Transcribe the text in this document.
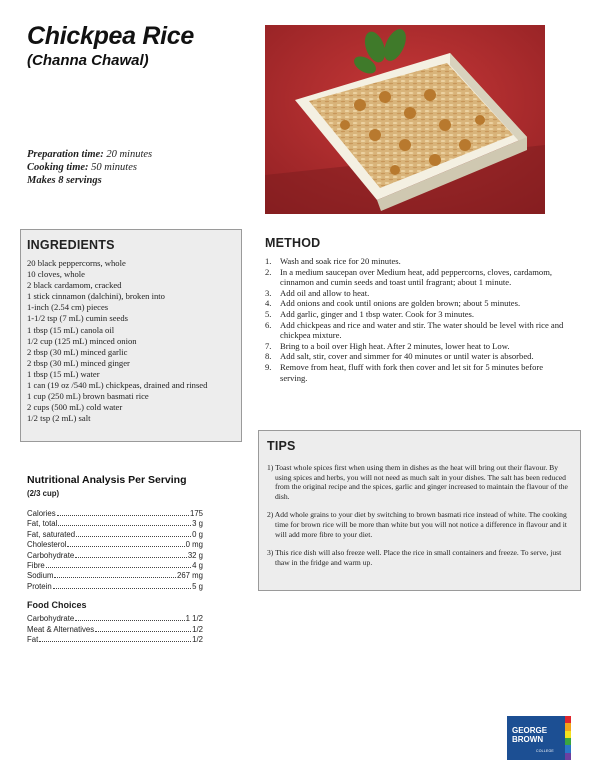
Chickpea Rice
(Channa Chawal)
Preparation time: 20 minutes
Cooking time: 50 minutes
Makes 8 servings
INGREDIENTS
20 black peppercorns, whole
10 cloves, whole
2 black cardamom, cracked
1 stick cinnamon (dalchini), broken into
1-inch (2.54 cm) pieces
1-1/2 tsp (7 mL) cumin seeds
1 tbsp (15 mL) canola oil
1/2 cup (125 mL) minced onion
2 tbsp (30 mL) minced garlic
2 tbsp (30 mL) minced ginger
1 tbsp (15 mL) water
1 can (19 oz /540 mL) chickpeas, drained and rinsed
1 cup (250 mL) brown basmati rice
2 cups (500 mL) cold water
1/2 tsp (2 mL) salt
METHOD
1. Wash and soak rice for 20 minutes.
2. In a medium saucepan over Medium heat, add peppercorns, cloves, cardamom, cinnamon and cumin seeds and toast until fragrant; about 1 minute.
3. Add oil and allow to heat.
4. Add onions and cook until onions are golden brown; about 5 minutes.
5. Add garlic, ginger and 1 tbsp water. Cook for 3 minutes.
6. Add chickpeas and rice and water and stir. The water should be level with rice and chickpea mixture.
7. Bring to a boil over High heat. After 2 minutes, lower heat to Low.
8. Add salt, stir, cover and simmer for 40 minutes or until water is absorbed.
9. Remove from heat, fluff with fork then cover and let sit for 5 minutes before serving.
TIPS
1) Toast whole spices first when using them in dishes as the heat will bring out their flavour. By using spices and herbs, you will not need as much salt in your dishes. The salt has been reduced from the original recipe and the spices, garlic and ginger increased to maintain the flavour of the dish.
2) Add whole grains to your diet by switching to brown basmati rice instead of white. The cooking time for brown rice will be more than white but you will not notice a difference in flavour and it will add more fibre to your diet.
3) This rice dish will also freeze well. Place the rice in small containers and freeze. To serve, just thaw in the fridge and warm up.
Nutritional Analysis Per Serving
(2/3 cup)
Calories	175
Fat, total	3 g
Fat, saturated	0 g
Cholesterol	0 mg
Carbohydrate	32 g
Fibre	4 g
Sodium	267 mg
Protein	5 g
Food Choices
Carbohydrate	1 1/2
Meat & Alternatives	1/2
Fat	1/2
GEORGE
BROWN
COLLEGE
